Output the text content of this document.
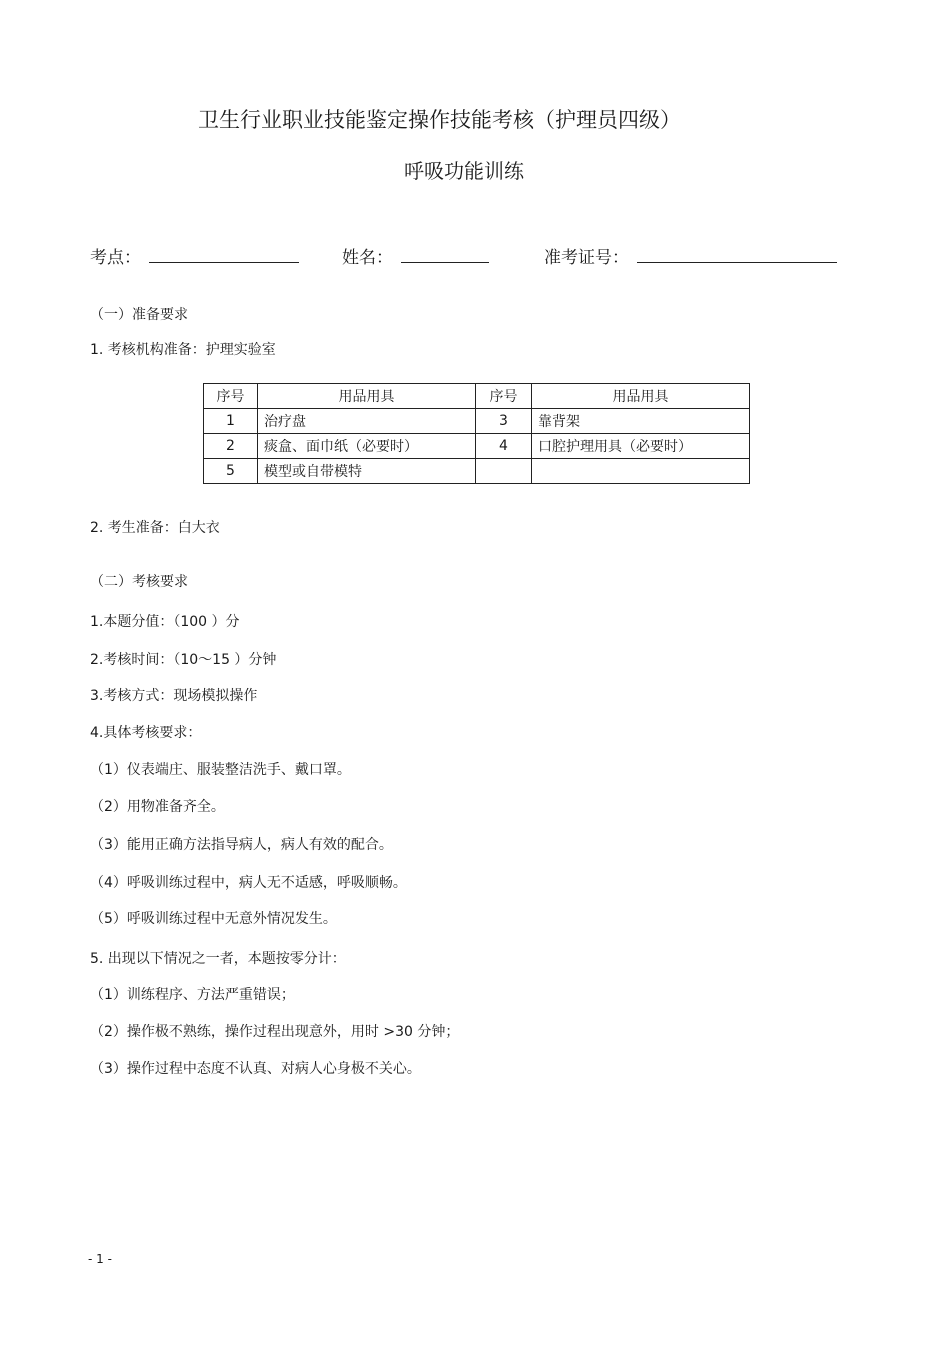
卫生行业职业技能鉴定操作技能考核（护理员四级）
呼吸功能训练
考点：	姓名：	准考证号：
（一）准备要求
1. 考核机构准备：护理实验室
序号	用品用具	序号	用品用具
1	治疗盘	3	靠背架
2	痰盒、面巾纸（必要时）	4	口腔护理用具（必要时）
5	模型或自带模特		
2. 考生准备：白大衣
（二）考核要求
1.本题分值：（100 ）分
2.考核时间：（10～15 ）分钟
3.考核方式：现场模拟操作
4.具体考核要求：
（1）仪表端庄、服装整洁洗手、戴口罩。
（2）用物准备齐全。
（3）能用正确方法指导病人，病人有效的配合。
（4）呼吸训练过程中，病人无不适感，呼吸顺畅。
（5）呼吸训练过程中无意外情况发生。
5. 出现以下情况之一者，本题按零分计：
（1）训练程序、方法严重错误；
（2）操作极不熟练，操作过程出现意外，用时 >30 分钟；
（3）操作过程中态度不认真、对病人心身极不关心。
- 1 -
